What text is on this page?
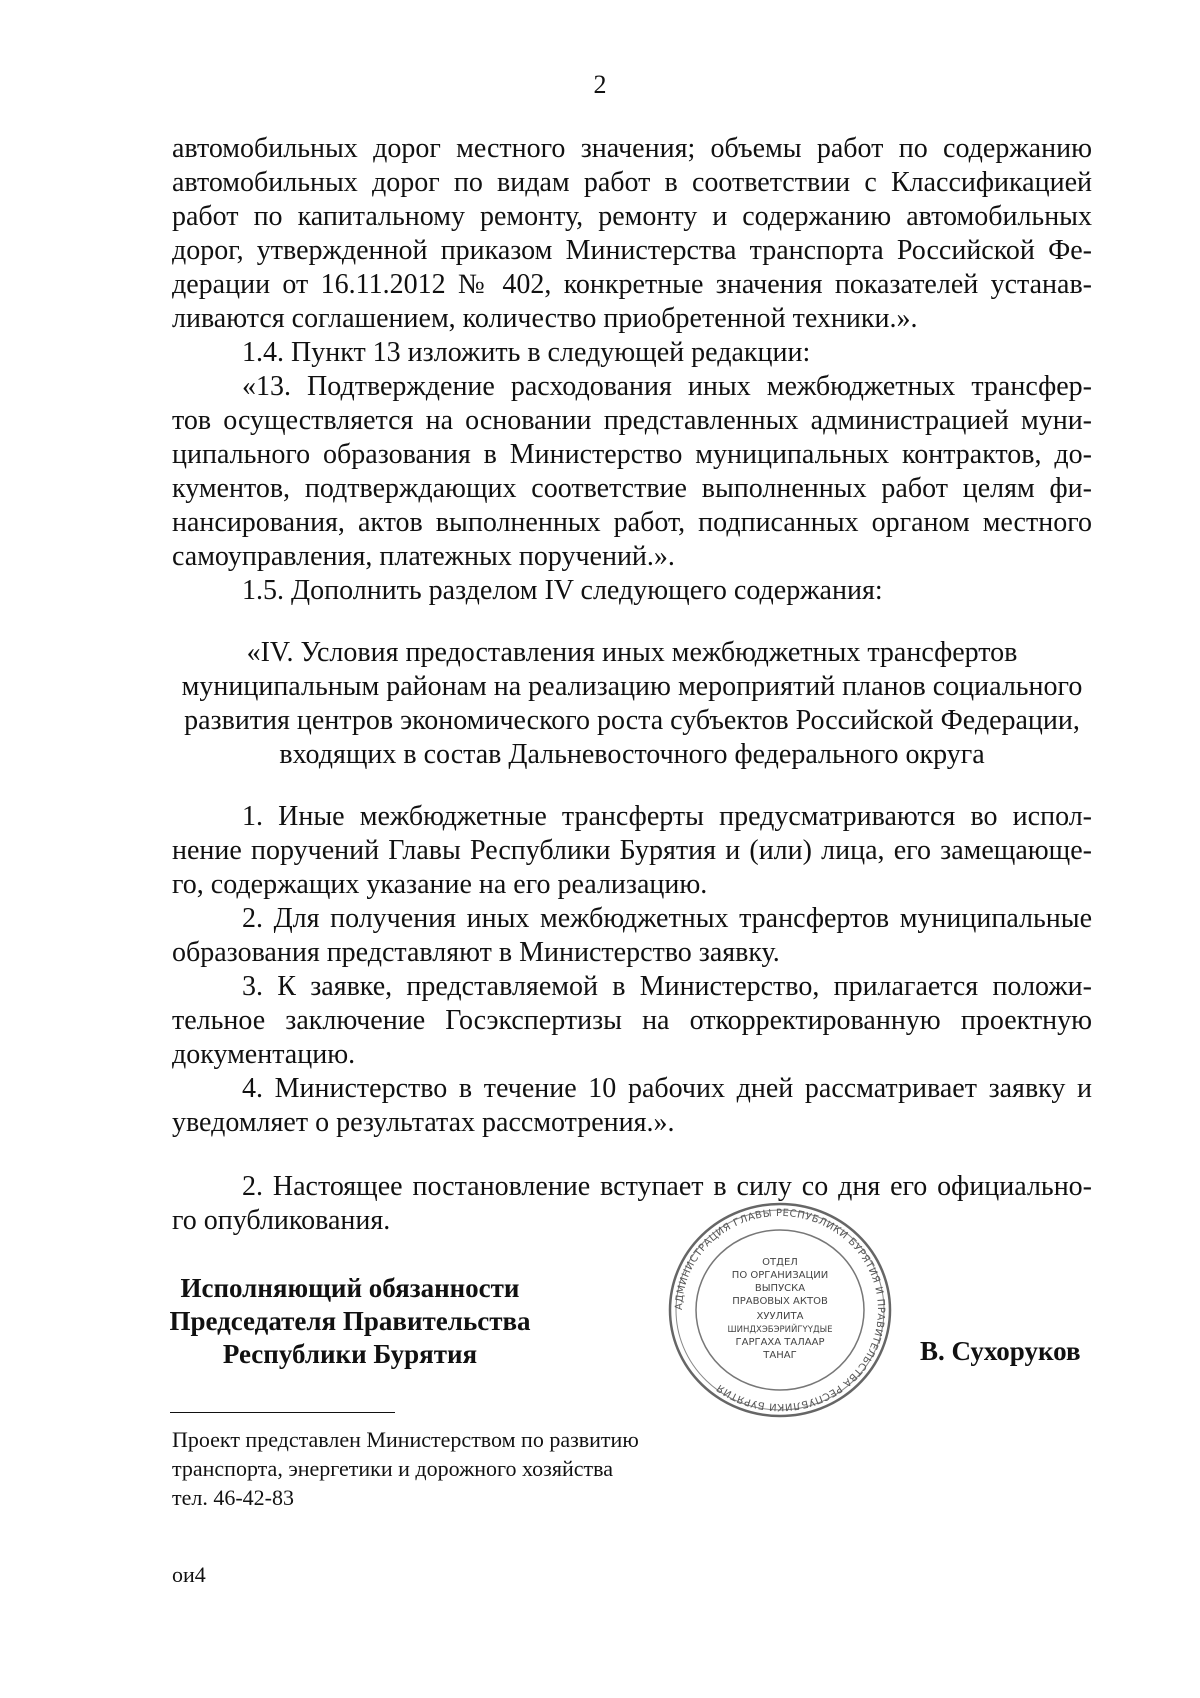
2
автомобильных дорог местного значения; объемы работ по содержанию
автомобильных дорог по видам работ в соответствии с Классификацией
работ по капитальному ремонту, ремонту и содержанию автомобильных
дорог, утвержденной приказом Министерства транспорта Российской Фе-
дерации от 16.11.2012 № 402, конкретные значения показателей устанав-
ливаются соглашением, количество приобретенной техники.».
1.4. Пункт 13 изложить в следующей редакции:
«13. Подтверждение расходования иных межбюджетных трансфер-
тов осуществляется на основании представленных администрацией муни-
ципального образования в Министерство муниципальных контрактов, до-
кументов, подтверждающих соответствие выполненных работ целям фи-
нансирования, актов выполненных работ, подписанных органом местного
самоуправления, платежных поручений.».
1.5. Дополнить разделом IV следующего содержания:
«IV. Условия предоставления иных межбюджетных трансфертов
муниципальным районам на реализацию мероприятий планов социального
развития центров экономического роста субъектов Российской Федерации,
входящих в состав Дальневосточного федерального округа
1. Иные межбюджетные трансферты предусматриваются во испол-
нение поручений Главы Республики Бурятия и (или) лица, его замещающе-
го, содержащих указание на его реализацию.
2. Для получения иных межбюджетных трансфертов муниципальные
образования представляют в Министерство заявку.
3. К заявке, представляемой в Министерство, прилагается положи-
тельное заключение Госэкспертизы на откорректированную проектную
документацию.
4. Министерство в течение 10 рабочих дней рассматривает заявку и
уведомляет о результатах рассмотрения.».
2. Настоящее постановление вступает в силу со дня его официально-
го опубликования.
Исполняющий обязанности
Председателя Правительства
Республики Бурятия	В. Сухоруков
АДМИНИСТРАЦИЯ ГЛАВЫ РЕСПУБЛИКИ БУРЯТИЯ И ПРАВИТЕЛЬСТВА РЕСПУБЛИКИ БУРЯТИЯ
ОТДЕЛ
ПО ОРГАНИЗАЦИИ
ВЫПУСКА
ПРАВОВЫХ АКТОВ
ХУУЛИТА
ШИНДХЭБЭРИЙГҮҮДЫЕ
ГАРГАХА ТАЛААР
ТАНАГ
Проект представлен Министерством по развитию
транспорта, энергетики и дорожного хозяйства
тел. 46-42-83
ои4
